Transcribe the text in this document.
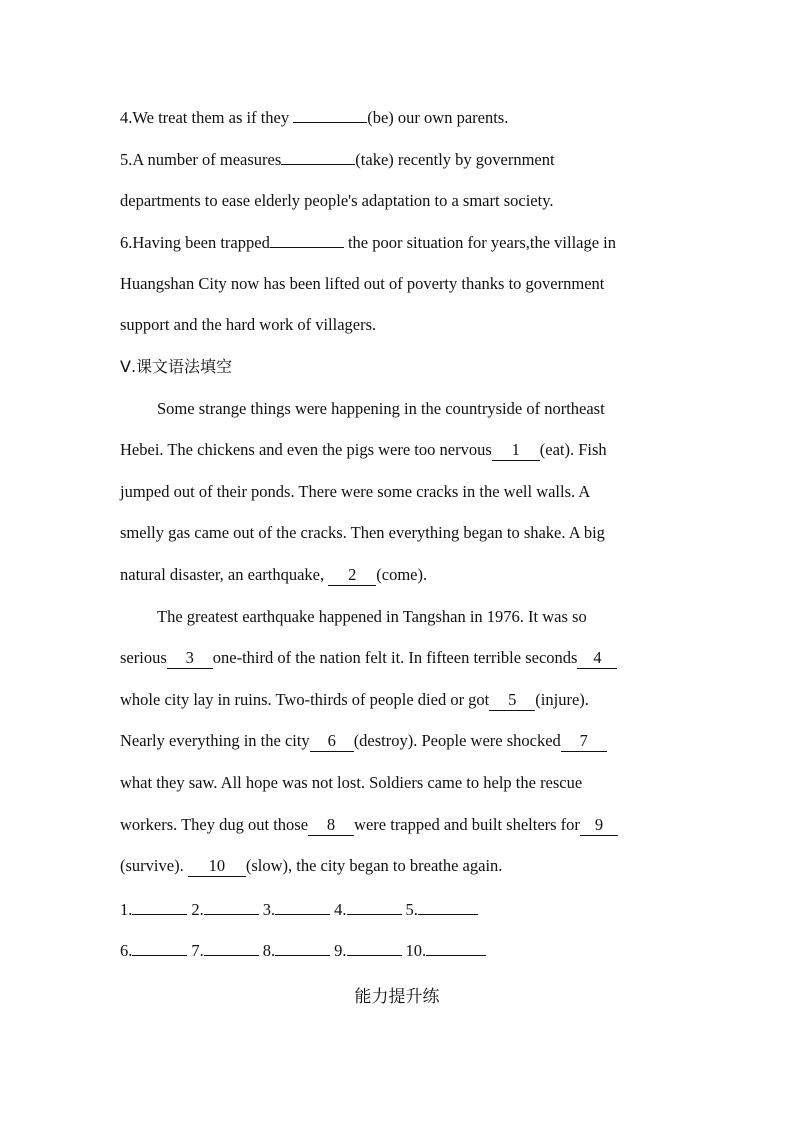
4.We treat them as if they	(be) our own parents.
5.A number of measures	(take) recently by government
departments to ease elderly people's adaptation to a smart society.
6.Having been trapped	the poor situation for years,the village in
Huangshan City now has been lifted out of poverty thanks to government
support and the hard work of villagers.
Ⅴ.课文语法填空
Some strange things were happening in the countryside of northeast
Hebei. The chickens and even the pigs were too nervous 1 (eat). Fish
jumped out of their ponds. There were some cracks in the well walls. A
smelly gas came out of the cracks. Then everything began to shake. A big
natural disaster, an earthquake, 2 (come).
The greatest earthquake happened in Tangshan in 1976. It was so
serious 3 one-third of the nation felt it. In fifteen terrible seconds 4
whole city lay in ruins. Two-thirds of people died or got 5 (injure).
Nearly everything in the city 6 (destroy). People were shocked 7
what they saw. All hope was not lost. Soldiers came to help the rescue
workers. They dug out those 8 were trapped and built shelters for 9
(survive). 10 (slow), the city began to breathe again.
1.	2.	3.	4.	5.
6.	7.	8.	9.	10.
能力提升练
